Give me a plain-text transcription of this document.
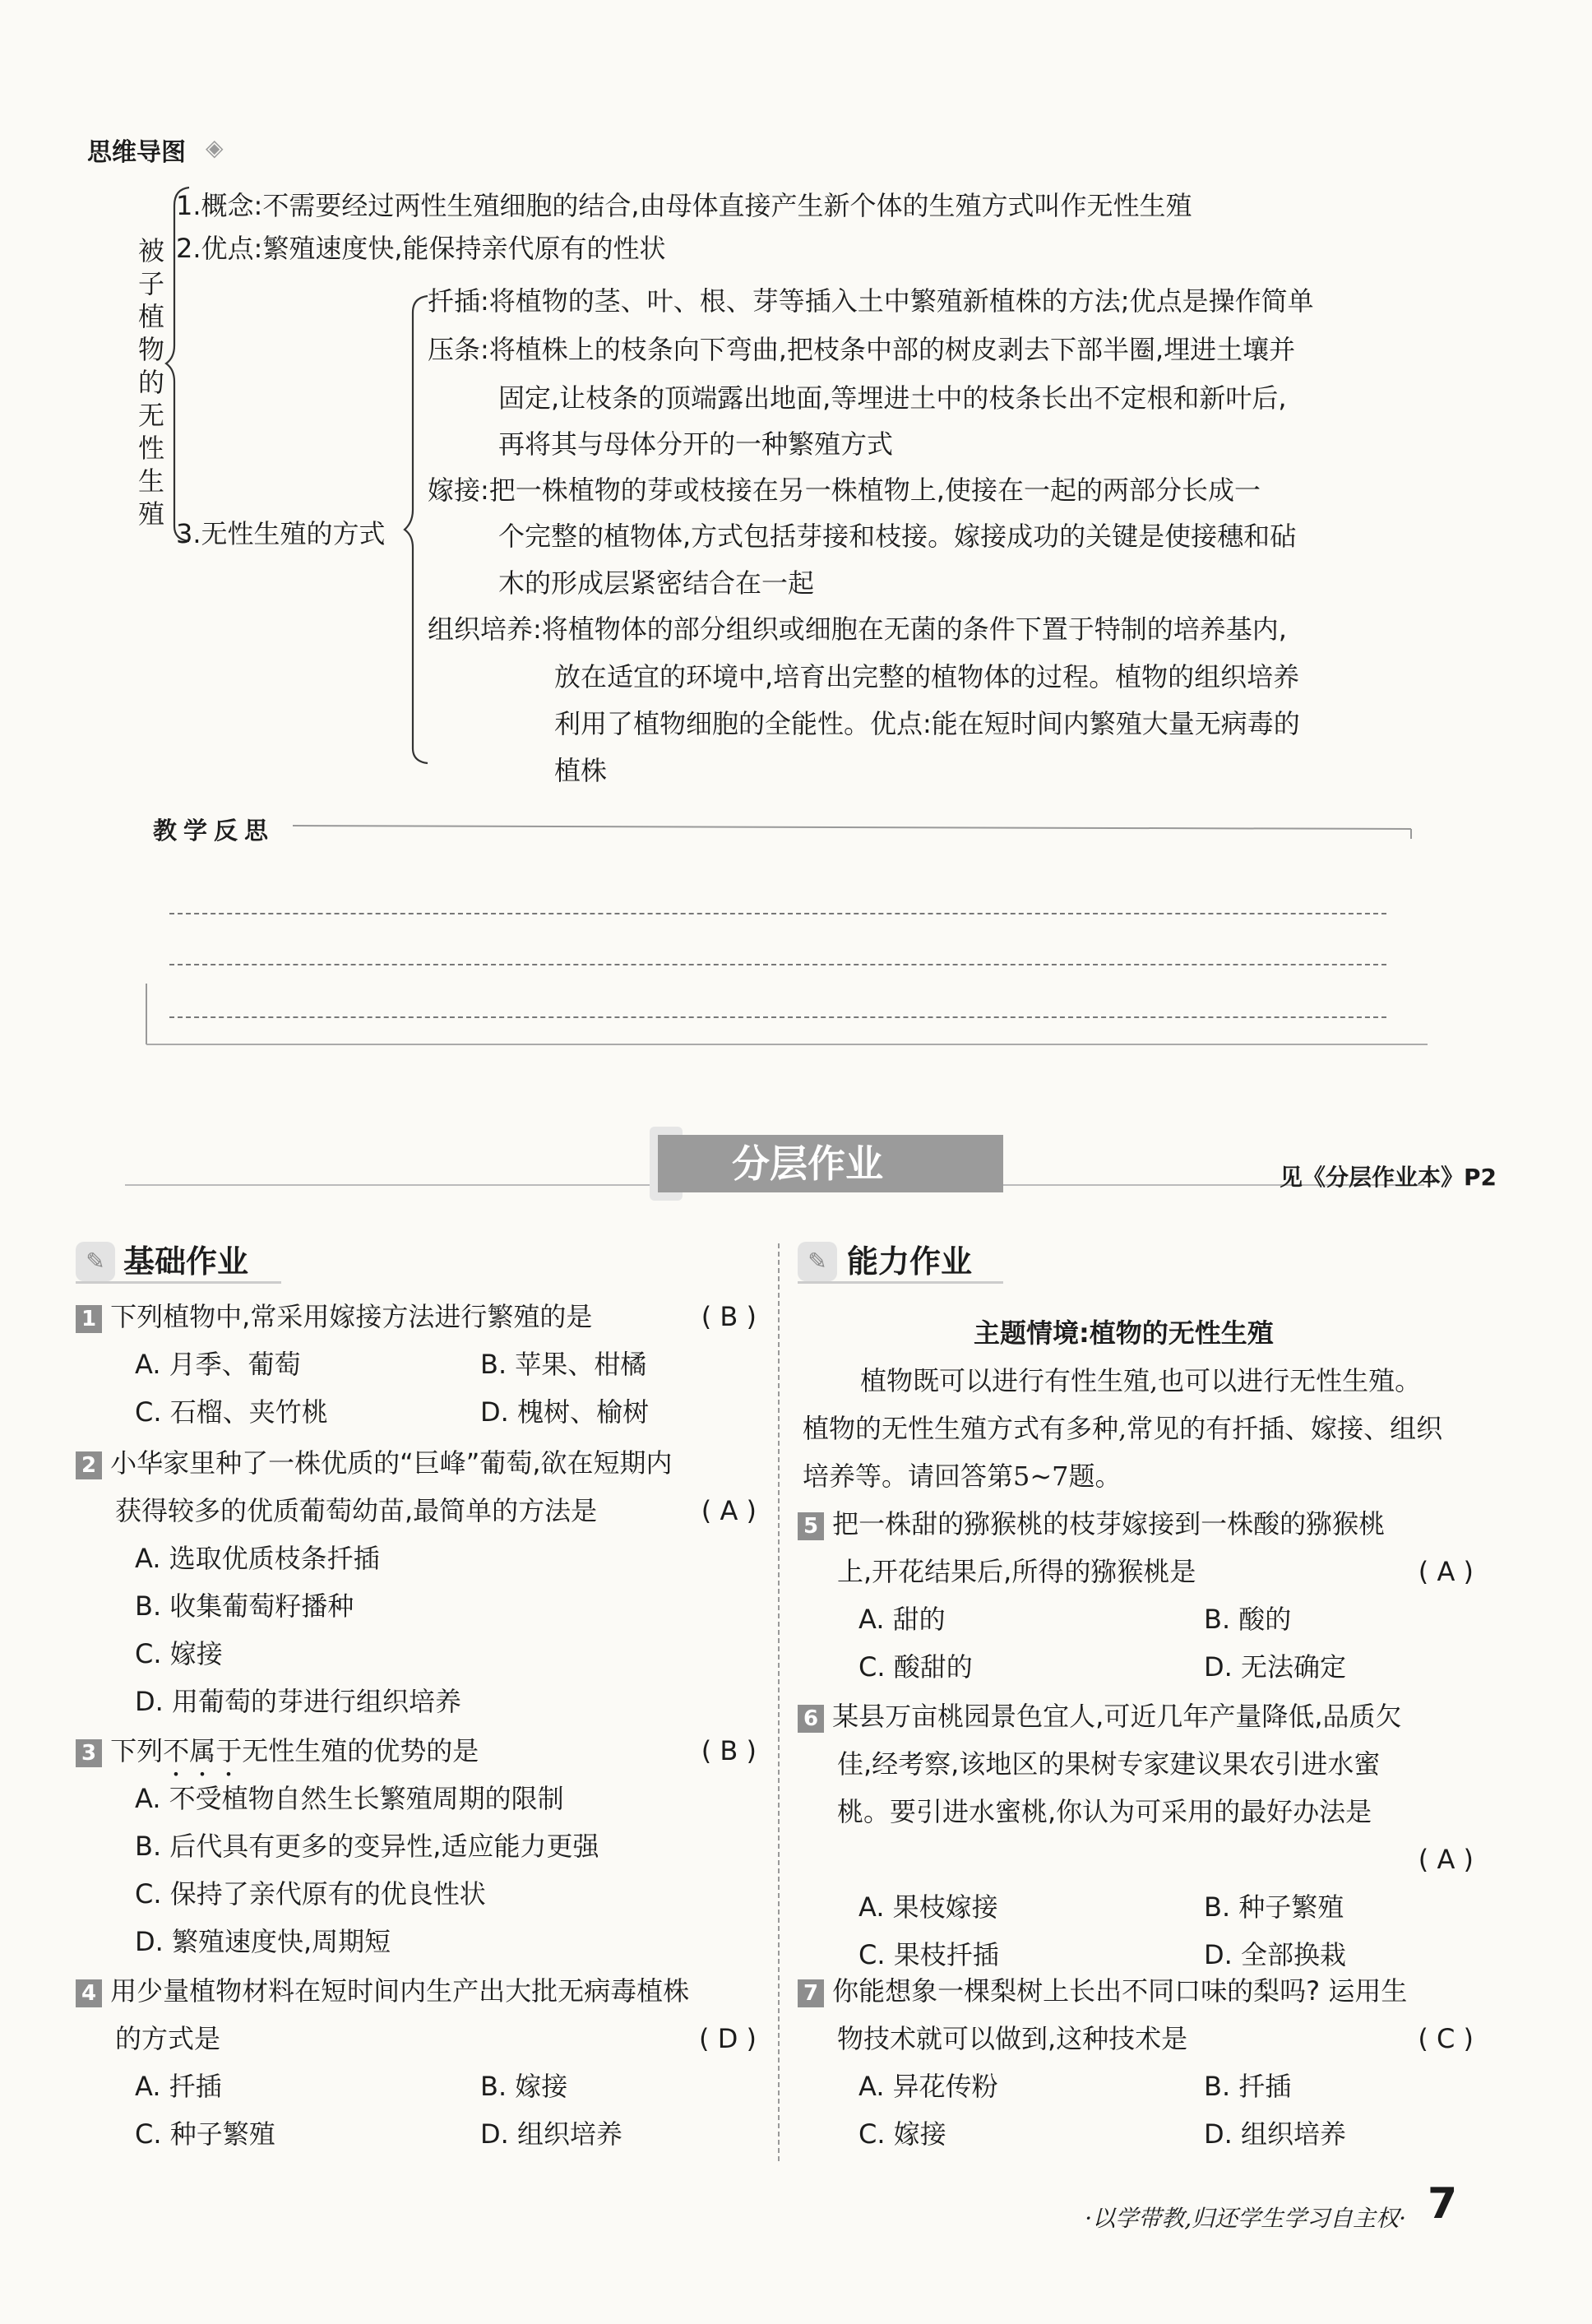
思维导图 ◈
被子植物的无性生殖
1.概念:不需要经过两性生殖细胞的结合,由母体直接产生新个体的生殖方式叫作无性生殖
2.优点:繁殖速度快,能保持亲代原有的性状
3.无性生殖的方式
扦插:将植物的茎、叶、根、芽等插入土中繁殖新植株的方法;优点是操作简单
压条:将植株上的枝条向下弯曲,把枝条中部的树皮剥去下部半圈,埋进土壤并
固定,让枝条的顶端露出地面,等埋进土中的枝条长出不定根和新叶后,
再将其与母体分开的一种繁殖方式
嫁接:把一株植物的芽或枝接在另一株植物上,使接在一起的两部分长成一
个完整的植物体,方式包括芽接和枝接。嫁接成功的关键是使接穗和砧
木的形成层紧密结合在一起
组织培养:将植物体的部分组织或细胞在无菌的条件下置于特制的培养基内,
放在适宜的环境中,培育出完整的植物体的过程。植物的组织培养
利用了植物细胞的全能性。优点:能在短时间内繁殖大量无病毒的
植株
教学反思
分层作业	见《分层作业本》P2
✎ 基础作业
1 下列植物中,常采用嫁接方法进行繁殖的是	( B )
A. 月季、葡萄	B. 苹果、柑橘
C. 石榴、夹竹桃	D. 槐树、榆树
2 小华家里种了一株优质的“巨峰”葡萄,欲在短期内
获得较多的优质葡萄幼苗,最简单的方法是	( A )
A. 选取优质枝条扦插
B. 收集葡萄籽播种
C. 嫁接
D. 用葡萄的芽进行组织培养
3 下列不属于无性生殖的优势的是	( B )
A. 不受植物自然生长繁殖周期的限制
B. 后代具有更多的变异性,适应能力更强
C. 保持了亲代原有的优良性状
D. 繁殖速度快,周期短
4 用少量植物材料在短时间内生产出大批无病毒植株
的方式是	( D )
A. 扦插	B. 嫁接
C. 种子繁殖	D. 组织培养
✎ 能力作业
主题情境:植物的无性生殖
植物既可以进行有性生殖,也可以进行无性生殖。
植物的无性生殖方式有多种,常见的有扦插、嫁接、组织
培养等。请回答第5~7题。
5 把一株甜的猕猴桃的枝芽嫁接到一株酸的猕猴桃
上,开花结果后,所得的猕猴桃是	( A )
A. 甜的	B. 酸的
C. 酸甜的	D. 无法确定
6 某县万亩桃园景色宜人,可近几年产量降低,品质欠
佳,经考察,该地区的果树专家建议果农引进水蜜
桃。要引进水蜜桃,你认为可采用的最好办法是
( A )
A. 果枝嫁接	B. 种子繁殖
C. 果枝扦插	D. 全部换栽
7 你能想象一棵梨树上长出不同口味的梨吗? 运用生
物技术就可以做到,这种技术是	( C )
A. 异花传粉	B. 扦插
C. 嫁接	D. 组织培养
·以学带教,归还学生学习自主权· 7
